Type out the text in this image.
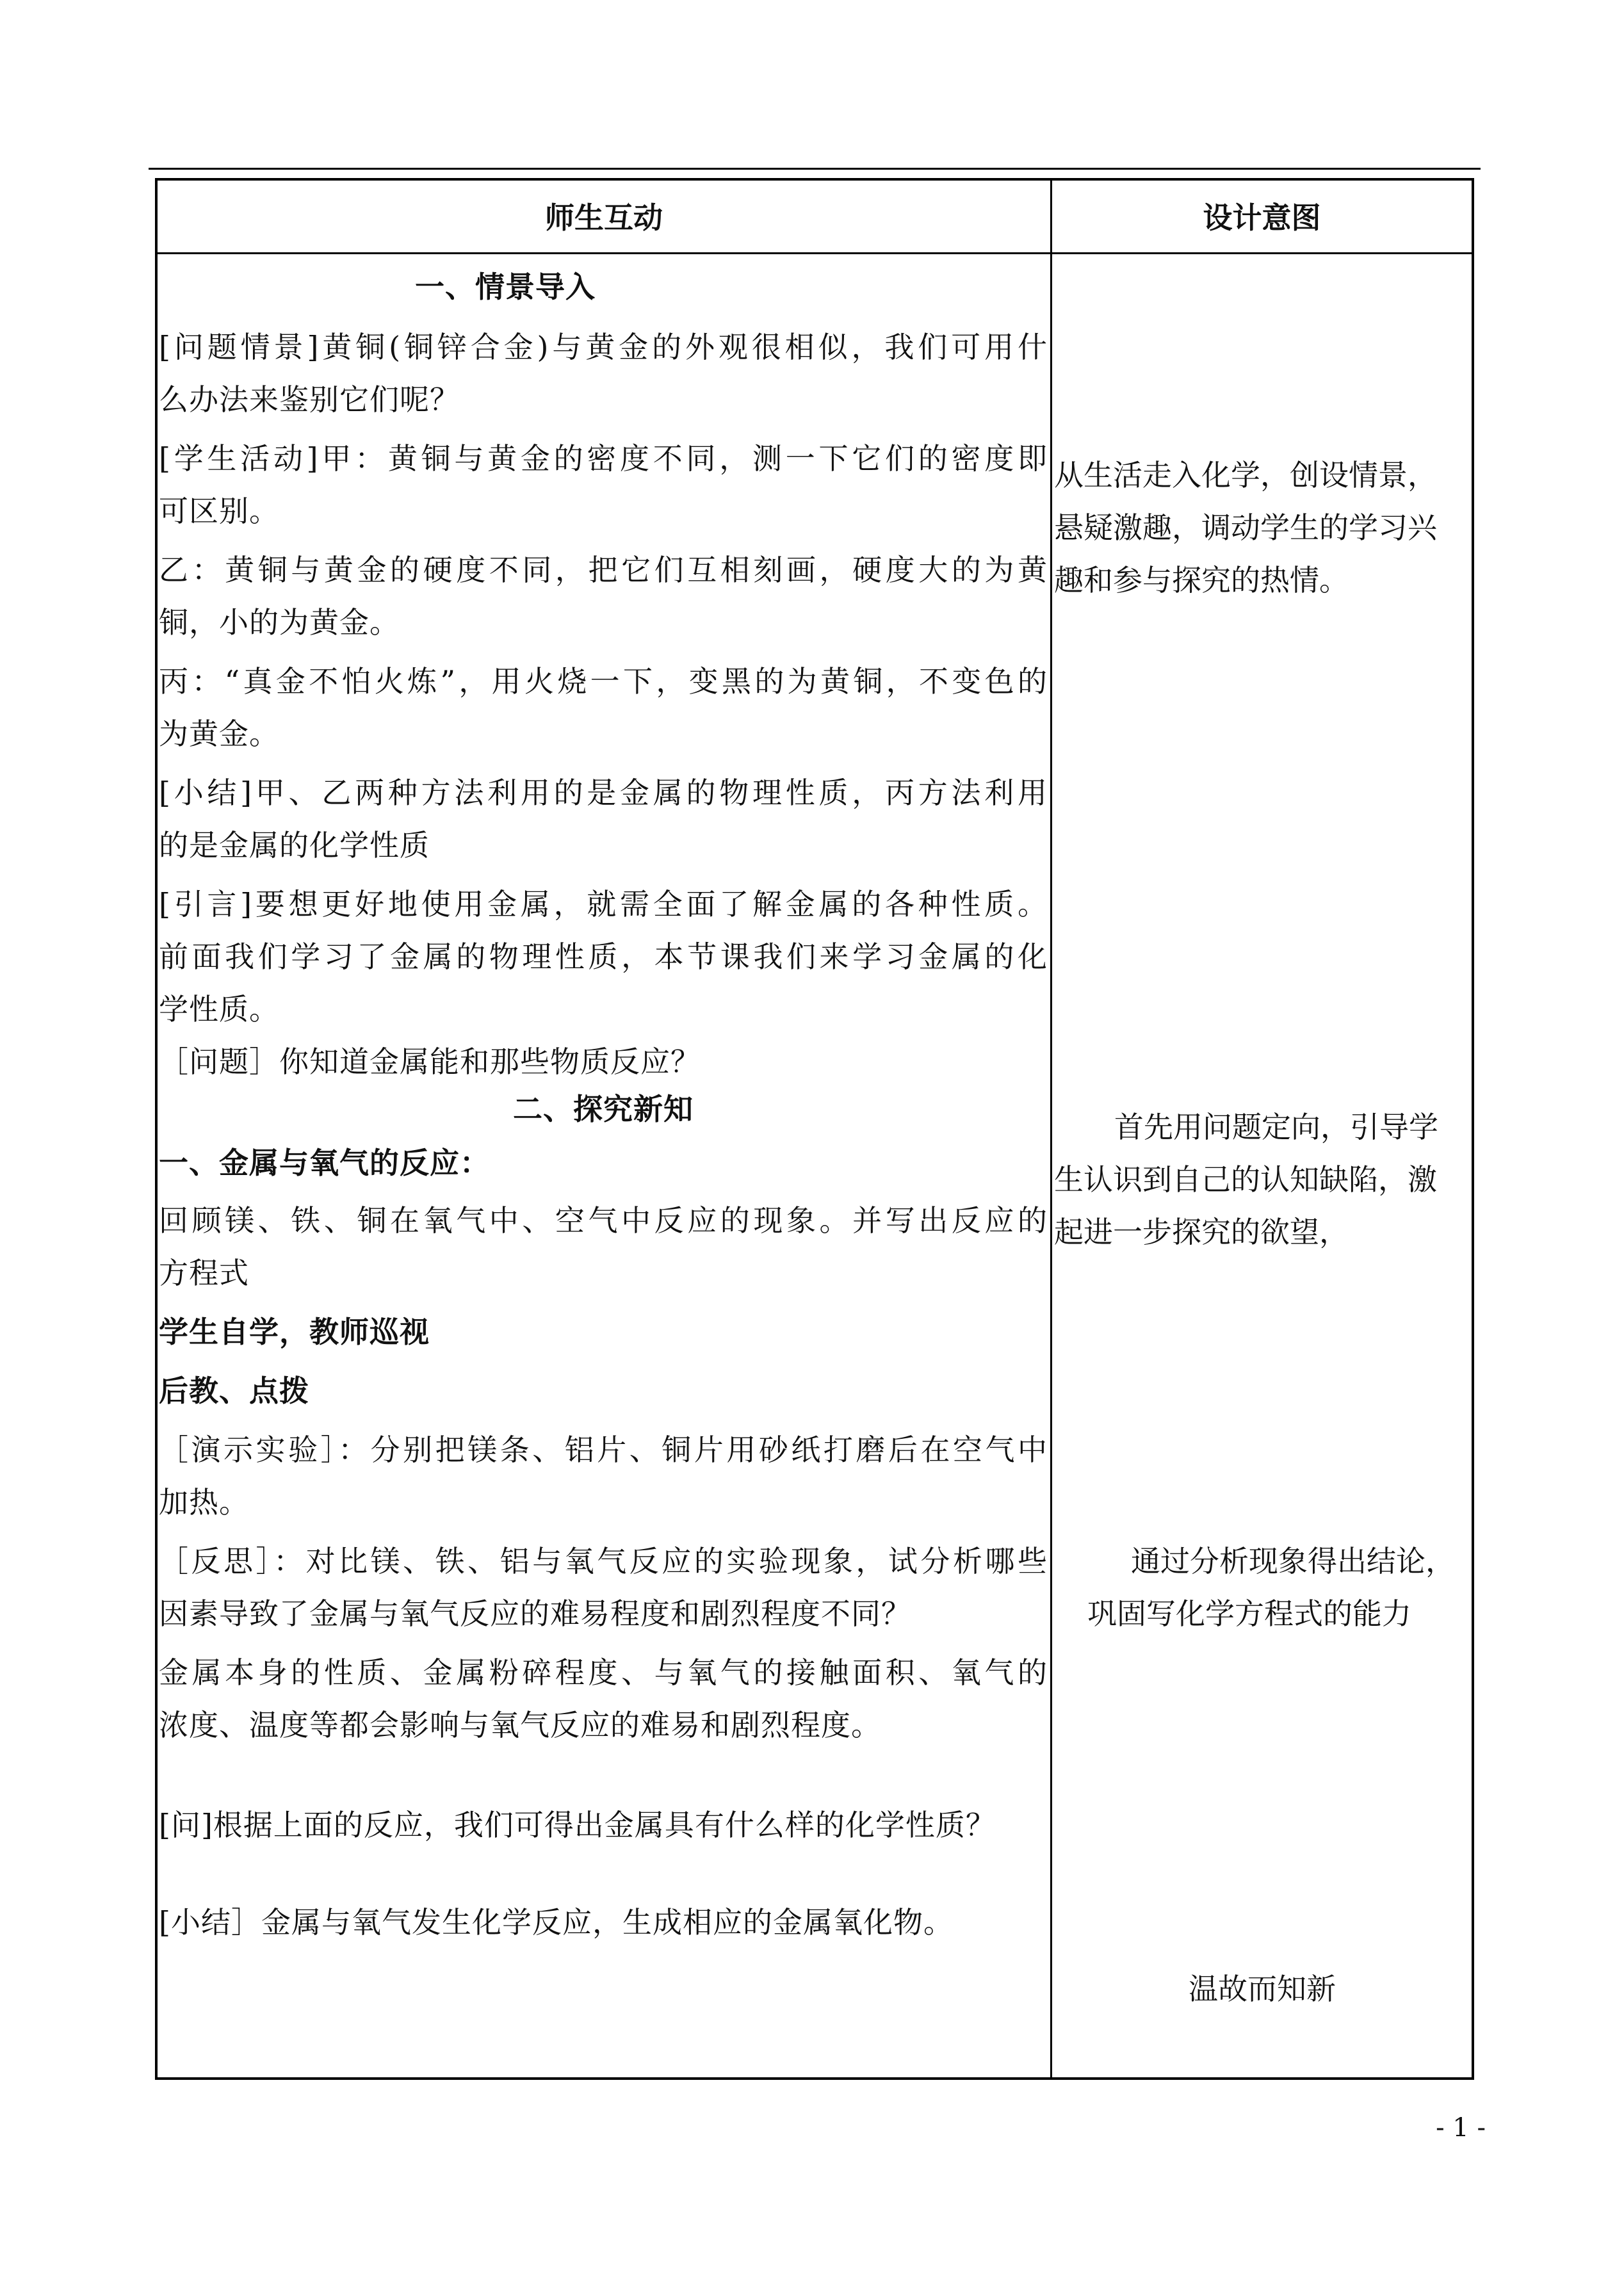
师生互动	设计意图
一、情景导入
[问题情景]黄铜(铜锌合金)与黄金的外观很相似，我们可用什
么办法来鉴别它们呢？
[学生活动]甲：黄铜与黄金的密度不同，测一下它们的密度即
可区别。
乙：黄铜与黄金的硬度不同，把它们互相刻画，硬度大的为黄
铜，小的为黄金。
丙：“真金不怕火炼”，用火烧一下，变黑的为黄铜，不变色的
为黄金。
[小结]甲、乙两种方法利用的是金属的物理性质，丙方法利用
的是金属的化学性质
[引言]要想更好地使用金属，就需全面了解金属的各种性质。
前面我们学习了金属的物理性质，本节课我们来学习金属的化
学性质。
［问题］你知道金属能和那些物质反应？
二、探究新知
一、金属与氧气的反应：
回顾镁、铁、铜在氧气中、空气中反应的现象。并写出反应的
方程式
学生自学，教师巡视
后教、点拨
［演示实验］：分别把镁条、铝片、铜片用砂纸打磨后在空气中
加热。
［反思］：对比镁、铁、铝与氧气反应的实验现象，试分析哪些
因素导致了金属与氧气反应的难易程度和剧烈程度不同？
金属本身的性质、金属粉碎程度、与氧气的接触面积、氧气的
浓度、温度等都会影响与氧气反应的难易和剧烈程度。
[问]根据上面的反应，我们可得出金属具有什么样的化学性质？
[小结］金属与氧气发生化学反应，生成相应的金属氧化物。
从生活走入化学，创设情景，
悬疑激趣，调动学生的学习兴
趣和参与探究的热情。
首先用问题定向，引导学
生认识到自己的认知缺陷，激
起进一步探究的欲望，
通过分析现象得出结论，
巩固写化学方程式的能力
温故而知新
- 1 -
